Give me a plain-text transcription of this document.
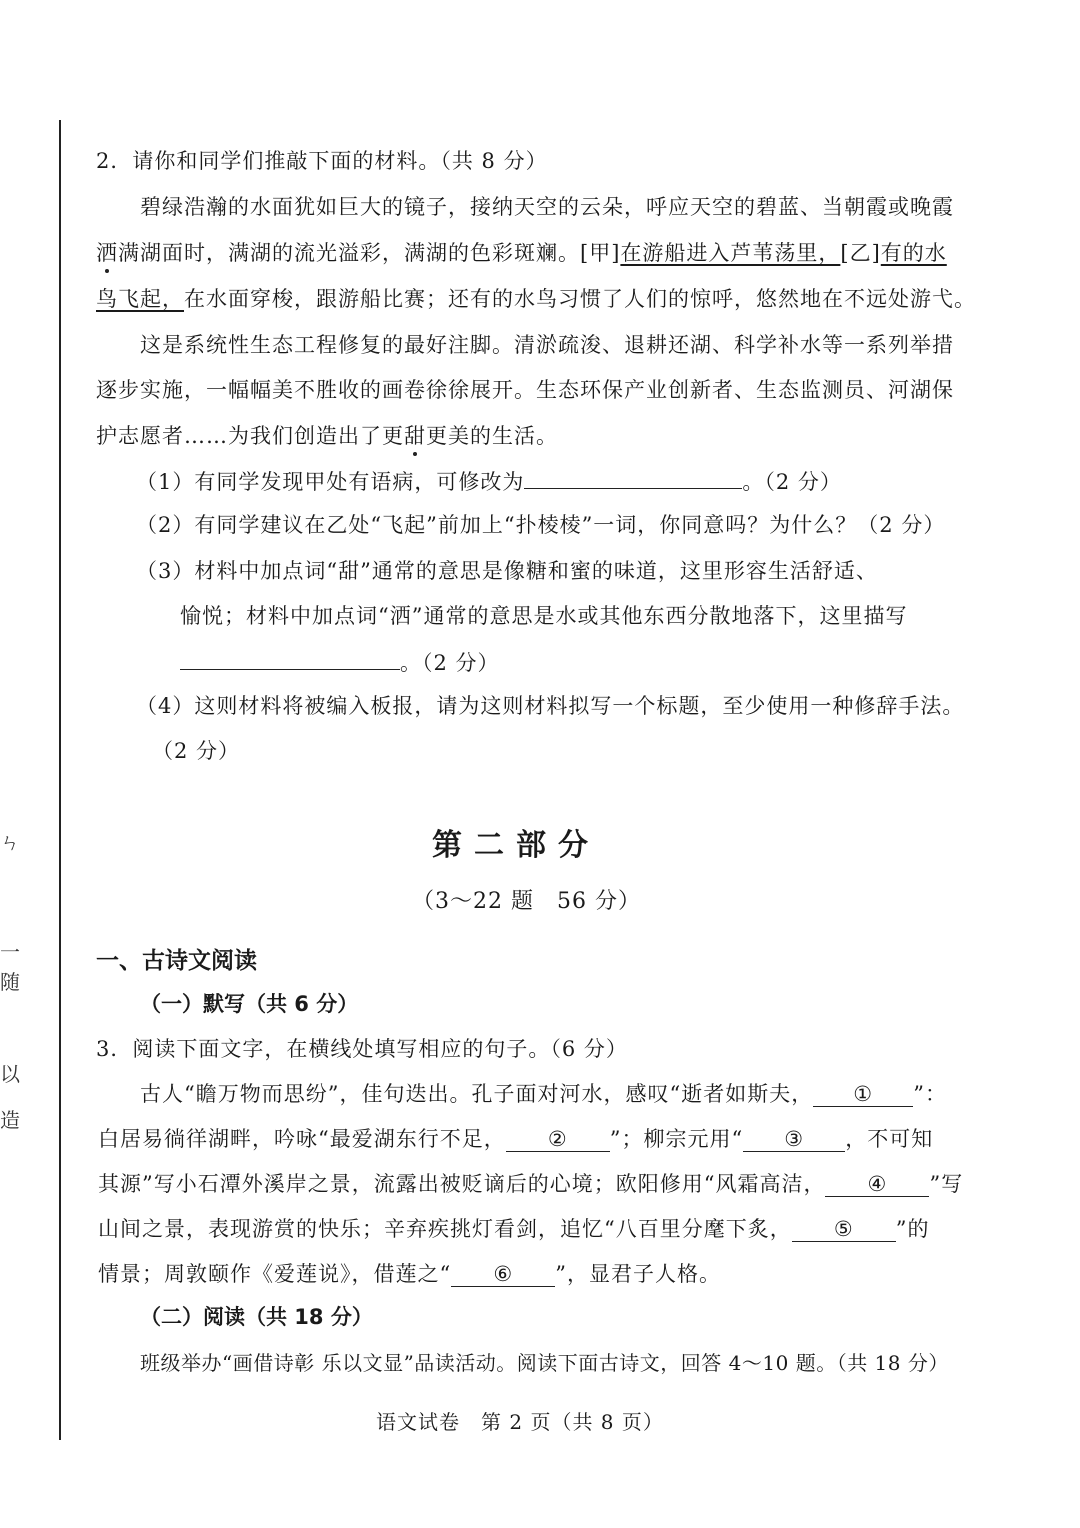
ㄣ
一
随
以
造
2．请你和同学们推敲下面的材料。（共 8 分）
碧绿浩瀚的水面犹如巨大的镜子，接纳天空的云朵，呼应天空的碧蓝、当朝霞或晚霞
洒满湖面时，满湖的流光溢彩，满湖的色彩斑斓。[甲]在游船进入芦苇荡里，[乙]有的水
鸟飞起，在水面穿梭，跟游船比赛；还有的水鸟习惯了人们的惊呼，悠然地在不远处游弋。
这是系统性生态工程修复的最好注脚。清淤疏浚、退耕还湖、科学补水等一系列举措
逐步实施，一幅幅美不胜收的画卷徐徐展开。生态环保产业创新者、生态监测员、河湖保
护志愿者……为我们创造出了更甜更美的生活。
（1）有同学发现甲处有语病，可修改为	。（2 分）
（2）有同学建议在乙处“飞起”前加上“扑棱棱”一词，你同意吗？为什么？（2 分）
（3）材料中加点词“甜”通常的意思是像糖和蜜的味道，这里形容生活舒适、
愉悦；材料中加点词“洒”通常的意思是水或其他东西分散地落下，这里描写
。（2 分）
（4）这则材料将被编入板报，请为这则材料拟写一个标题，至少使用一种修辞手法。
（2 分）
第二部分
（3～22 题　56 分）
一、古诗文阅读
（一）默写（共 6 分）
3．阅读下面文字，在横线处填写相应的句子。（6 分）
古人“瞻万物而思纷”，佳句迭出。孔子面对河水，感叹“逝者如斯夫， ① ”：
白居易徜徉湖畔，吟咏“最爱湖东行不足， ② ”；柳宗元用“ ③ ，不可知
其源”写小石潭外溪岸之景，流露出被贬谪后的心境；欧阳修用“风霜高洁， ④ ”写
山间之景，表现游赏的快乐；辛弃疾挑灯看剑，追忆“八百里分麾下炙， ⑤ ”的
情景；周敦颐作《爱莲说》，借莲之“ ⑥ ”，显君子人格。
（二）阅读（共 18 分）
班级举办“画借诗彰 乐以文显”品读活动。阅读下面古诗文，回答 4～10 题。（共 18 分）
语文试卷　第 2 页（共 8 页）
